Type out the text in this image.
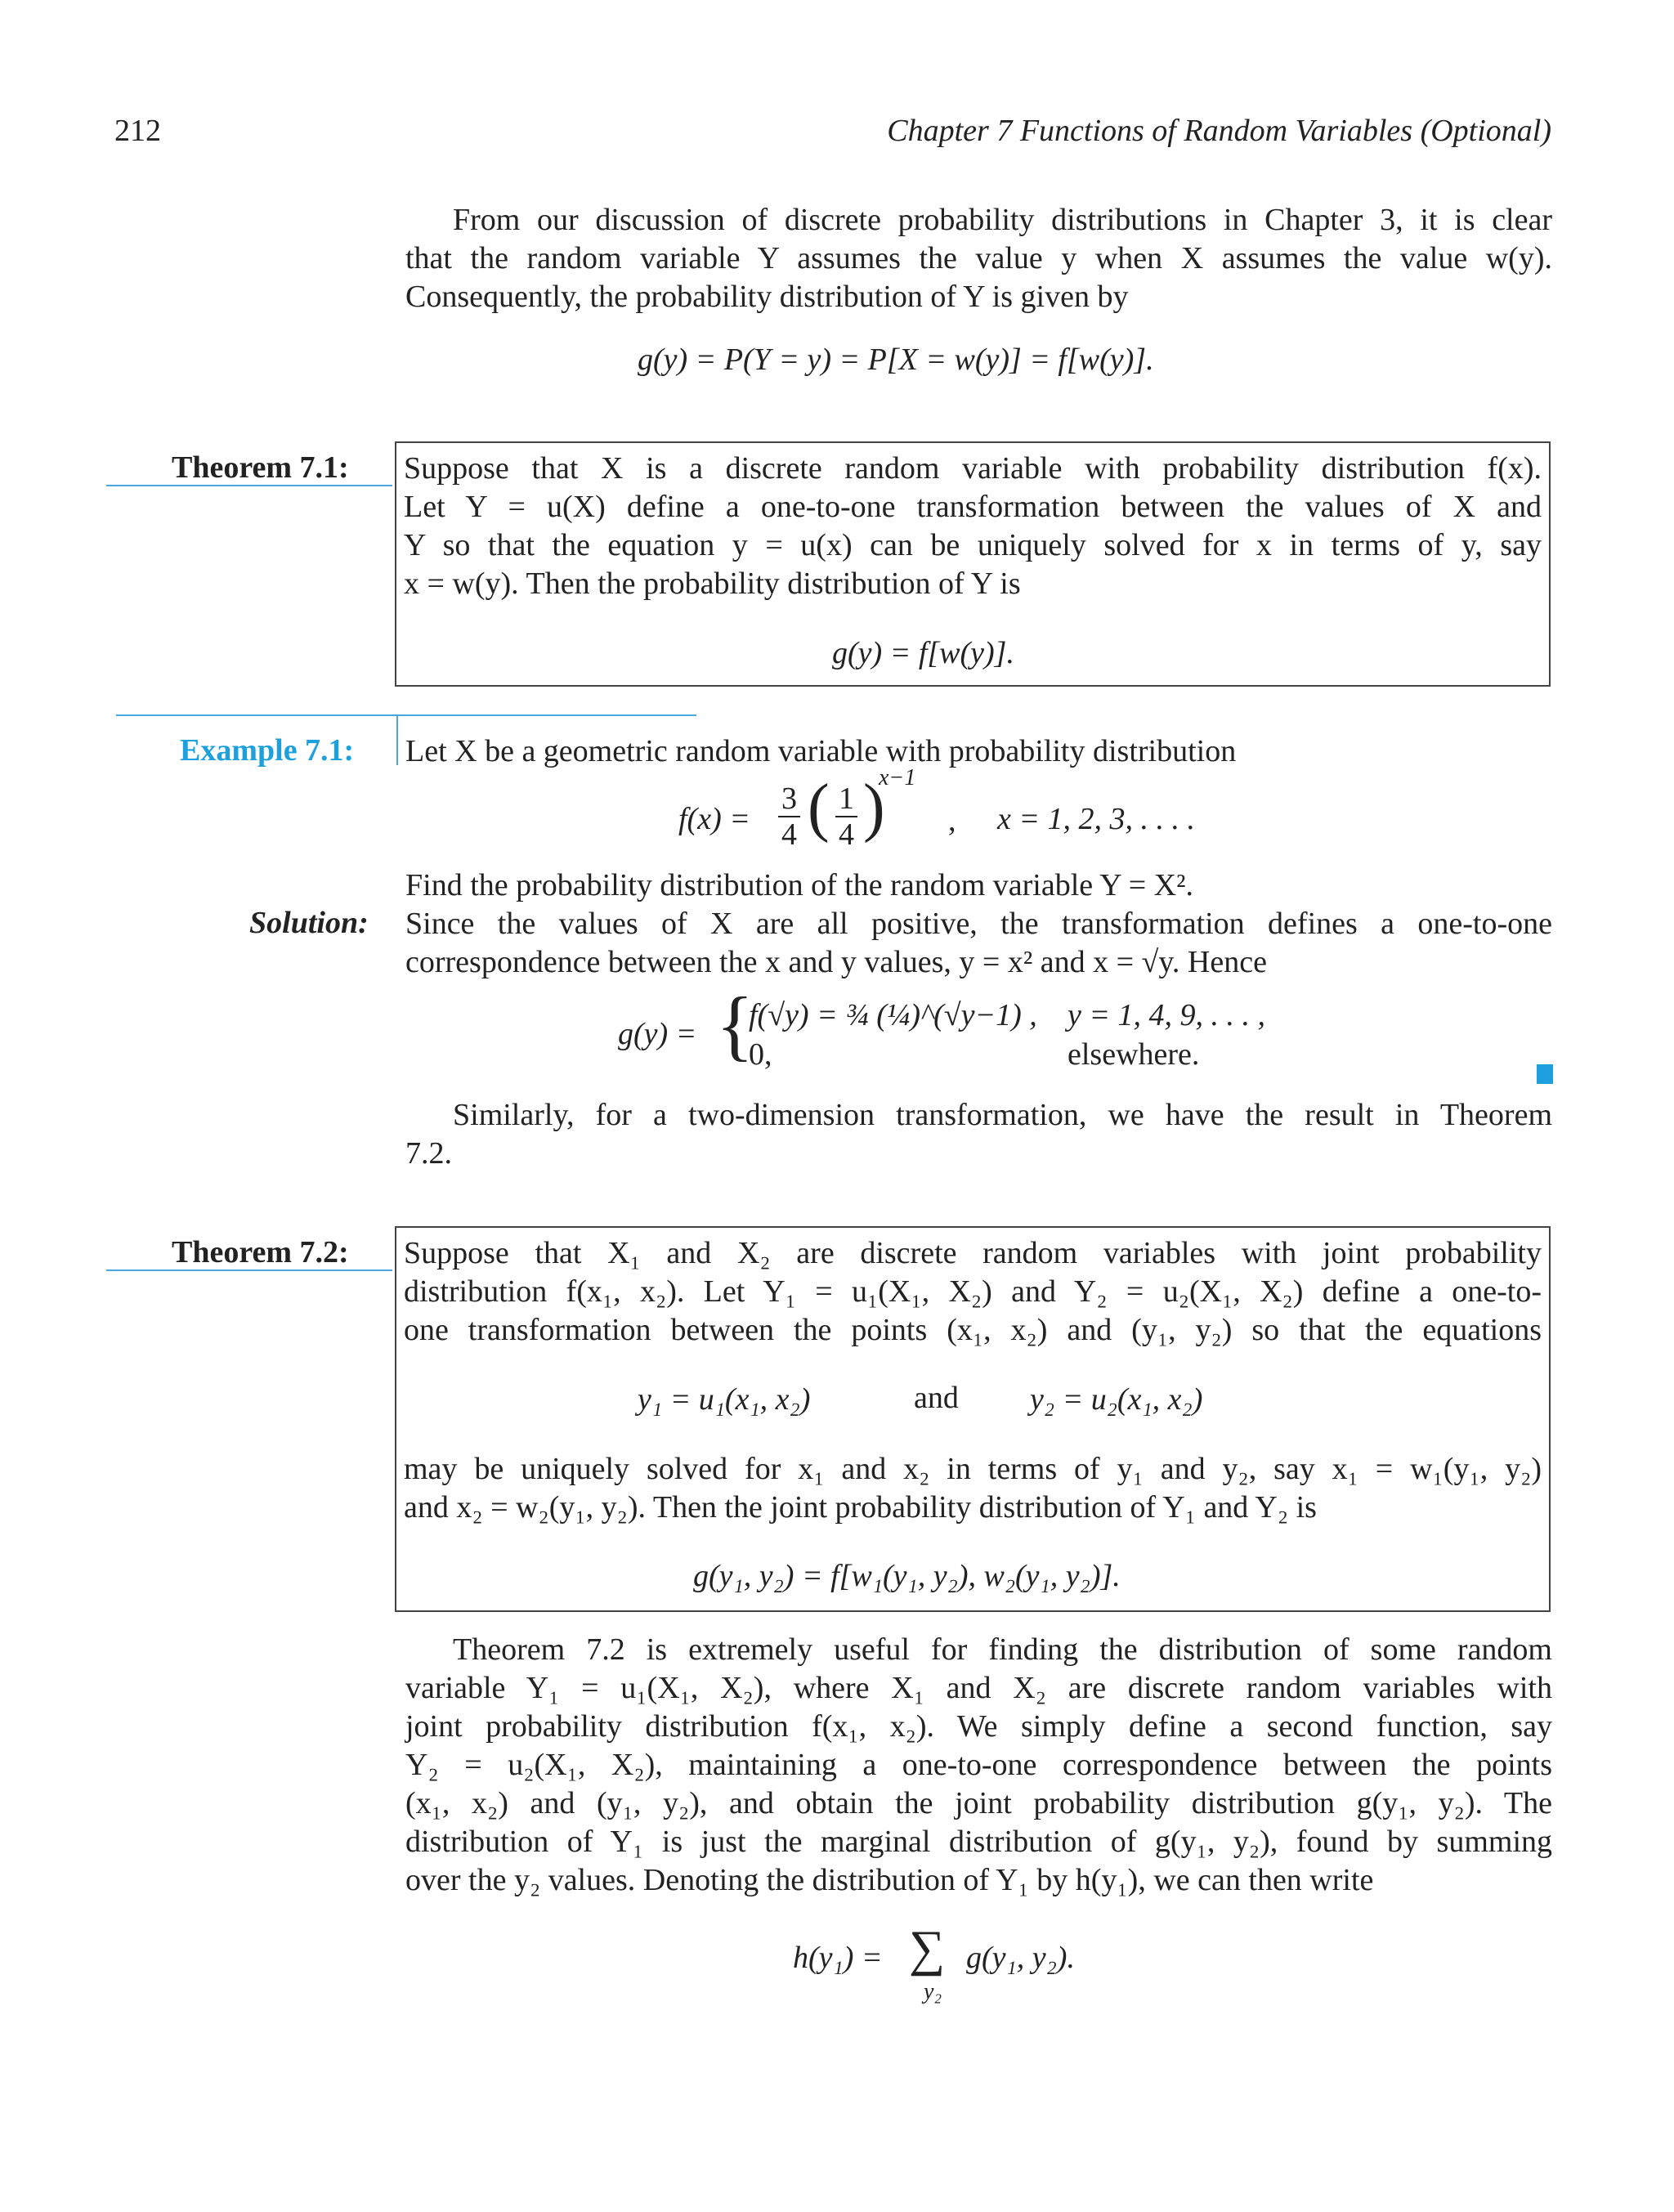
212	Chapter 7 Functions of Random Variables (Optional)
From our discussion of discrete probability distributions in Chapter 3, it is clear
that the random variable Y assumes the value y when X assumes the value w(y).
Consequently, the probability distribution of Y is given by
g(y) = P(Y = y) = P[X = w(y)] = f[w(y)].
Theorem 7.1: Suppose that X is a discrete random variable with probability distribution f(x).
Let Y = u(X) define a one-to-one transformation between the values of X and
Y so that the equation y = u(x) can be uniquely solved for x in terms of y, say
x = w(y). Then the probability distribution of Y is
g(y) = f[w(y)].
Example 7.1: Let X be a geometric random variable with probability distribution
$f(x) = \frac{3}{4}$ ( $\frac{1}{4}$ )
x−1
, x = 1, 2, 3, . . . .
Find the probability distribution of the random variable Y = X².
Solution: Since the values of X are all positive, the transformation defines a one-to-one
correspondence between the x and y values, y = x² and x = √y. Hence
g(y) = {
f(√y) = ¾ (¼)^(√y−1) , y = 1, 4, 9, . . . ,
0,	elsewhere.
Similarly, for a two-dimension transformation, we have the result in Theorem
7.2.
Theorem 7.2: Suppose that X₁ and X₂ are discrete random variables with joint probability
distribution f(x₁, x₂). Let Y₁ = u₁(X₁, X₂) and Y₂ = u₂(X₁, X₂) define a one-to-
one transformation between the points (x₁, x₂) and (y₁, y₂) so that the equations
y₁ = u₁(x₁, x₂)	and y₂ = u₂(x₁, x₂)
may be uniquely solved for x₁ and x₂ in terms of y₁ and y₂, say x₁ = w₁(y₁, y₂)
and x₂ = w₂(y₁, y₂). Then the joint probability distribution of Y₁ and Y₂ is
g(y₁, y₂) = f[w₁(y₁, y₂), w₂(y₁, y₂)].
Theorem 7.2 is extremely useful for finding the distribution of some random
variable Y₁ = u₁(X₁, X₂), where X₁ and X₂ are discrete random variables with
joint probability distribution f(x₁, x₂). We simply define a second function, say
Y₂ = u₂(X₁, X₂), maintaining a one-to-one correspondence between the points
(x₁, x₂) and (y₁, y₂), and obtain the joint probability distribution g(y₁, y₂). The
distribution of Y₁ is just the marginal distribution of g(y₁, y₂), found by summing
over the y₂ values. Denoting the distribution of Y₁ by h(y₁), we can then write
h(y₁) = ∑
y₂
g(y₁, y₂).
